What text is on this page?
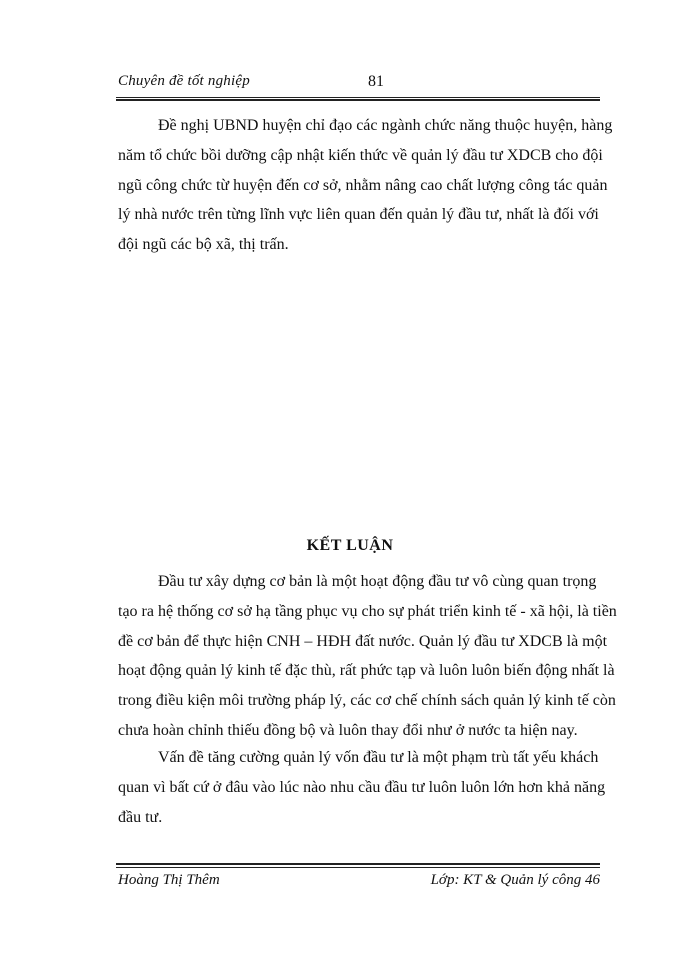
Chuyên đề tốt nghiệp	81

Đề nghị UBND huyện chỉ đạo các ngành chức năng thuộc huyện, hàng
năm tổ chức bồi dưỡng cập nhật kiến thức về quản lý đầu tư XDCB cho đội
ngũ công chức từ huyện đến cơ sở, nhằm nâng cao chất lượng công tác quản
lý nhà nước trên từng lĩnh vực liên quan đến quản lý đầu tư, nhất là đối với
đội ngũ các bộ xã, thị trấn.

KẾT LUẬN

Đầu tư xây dựng cơ bản là một hoạt động đầu tư vô cùng quan trọng
tạo ra hệ thống cơ sở hạ tầng phục vụ cho sự phát triển kinh tế - xã hội, là tiền
đề cơ bản để thực hiện CNH – HĐH đất nước. Quản lý đầu tư XDCB là một
hoạt động quản lý kinh tế đặc thù, rất phức tạp và luôn luôn biến động nhất là
trong điều kiện môi trường pháp lý, các cơ chế chính sách quản lý kinh tế còn
chưa hoàn chỉnh thiếu đồng bộ và luôn thay đổi như ở nước ta hiện nay.

Vấn đề tăng cường quản lý vốn đầu tư là một phạm trù tất yếu khách
quan vì bất cứ ở đâu vào lúc nào nhu cầu đầu tư luôn luôn lớn hơn khả năng
đầu tư.

Hoàng Thị Thêm	Lớp: KT & Quản lý công 46
